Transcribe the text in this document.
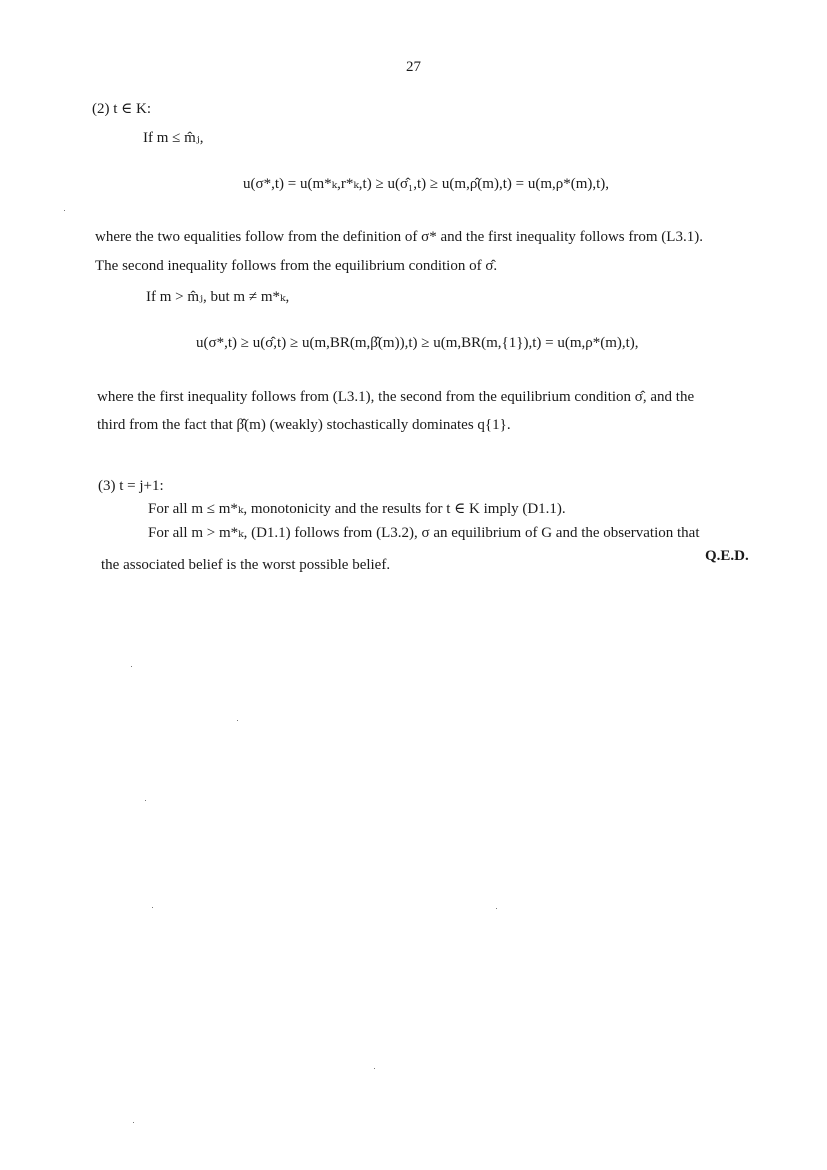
27
(2) t ∈ K:
If m ≤ m̂ⱼ,
u(σ*,t) = u(m*ₖ,r*ₖ,t) ≥ u(σ̂₁,t) ≥ u(m,ρ̂(m),t) = u(m,ρ*(m),t),
where the two equalities follow from the definition of σ* and the first inequality follows from (L3.1).
The second inequality follows from the equilibrium condition of σ̂.
If m > m̂ⱼ, but m ≠ m*ₖ,
u(σ*,t) ≥ u(σ̂,t) ≥ u(m,BR(m,β̂(m)),t) ≥ u(m,BR(m,{1}),t) = u(m,ρ*(m),t),
where the first inequality follows from (L3.1), the second from the equilibrium condition σ̂, and the
third from the fact that β̂(m) (weakly) stochastically dominates q{1}.
(3) t = j+1:
For all m ≤ m*ₖ, monotonicity and the results for t ∈ K imply (D1.1).
For all m > m*ₖ, (D1.1) follows from (L3.2), σ an equilibrium of G and the observation that
the associated belief is the worst possible belief.
Q.E.D.
